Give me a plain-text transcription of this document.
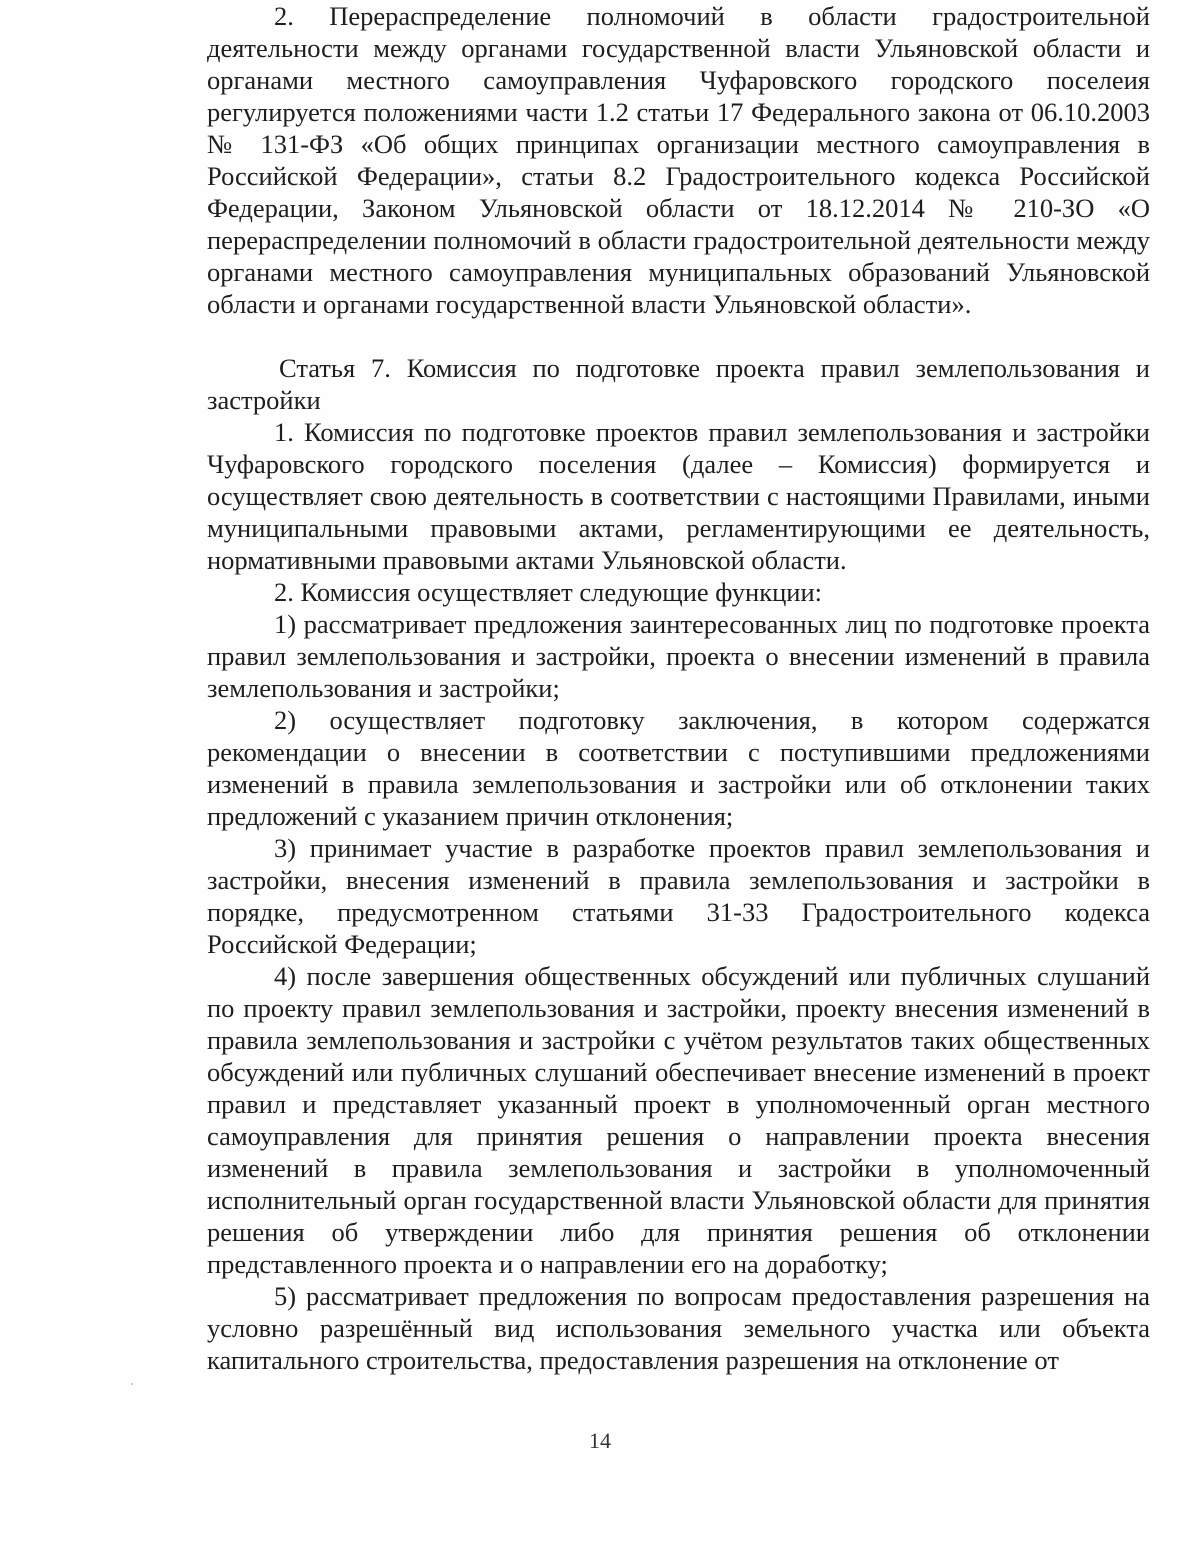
2. Перераспределение полномочий в области градостроительной деятельности между органами государственной власти Ульяновской области и органами местного самоуправления Чуфаровского городского поселеия регулируется положениями части 1.2 статьи 17 Федерального закона от 06.10.2003 № 131-ФЗ «Об общих принципах организации местного самоуправления в Российской Федерации», статьи 8.2 Градостроительного кодекса Российской Федерации, Законом Ульяновской области от 18.12.2014 № 210-ЗО «О перераспределении полномочий в области градостроительной деятельности между органами местного самоуправления муниципальных образований Ульяновской области и органами государственной власти Ульяновской области».

Статья 7. Комиссия по подготовке проекта правил землепользования и застройки

1. Комиссия по подготовке проектов правил землепользования и застройки Чуфаровского городского поселения (далее – Комиссия) формируется и осуществляет свою деятельность в соответствии с настоящими Правилами, иными муниципальными правовыми актами, регламентирующими ее деятельность, нормативными правовыми актами Ульяновской области.

2. Комиссия осуществляет следующие функции:

1) рассматривает предложения заинтересованных лиц по подготовке проекта правил землепользования и застройки, проекта о внесении изменений в правила землепользования и застройки;

2) осуществляет подготовку заключения, в котором содержатся рекомендации о внесении в соответствии с поступившими предложениями изменений в правила землепользования и застройки или об отклонении таких предложений с указанием причин отклонения;

3) принимает участие в разработке проектов правил землепользования и застройки, внесения изменений в правила землепользования и застройки в порядке, предусмотренном статьями 31-33 Градостроительного кодекса Российской Федерации;

4) после завершения общественных обсуждений или публичных слушаний по проекту правил землепользования и застройки, проекту внесения изменений в правила землепользования и застройки с учётом результатов таких общественных обсуждений или публичных слушаний обеспечивает внесение изменений в проект правил и представляет указанный проект в уполномоченный орган местного самоуправления для принятия решения о направлении проекта внесения изменений в правила землепользования и застройки в уполномоченный исполнительный орган государственной власти Ульяновской области для принятия решения об утверждении либо для принятия решения об отклонении представленного проекта и о направлении его на доработку;

5) рассматривает предложения по вопросам предоставления разрешения на условно разрешённый вид использования земельного участка или объекта капитального строительства, предоставления разрешения на отклонение от

14
